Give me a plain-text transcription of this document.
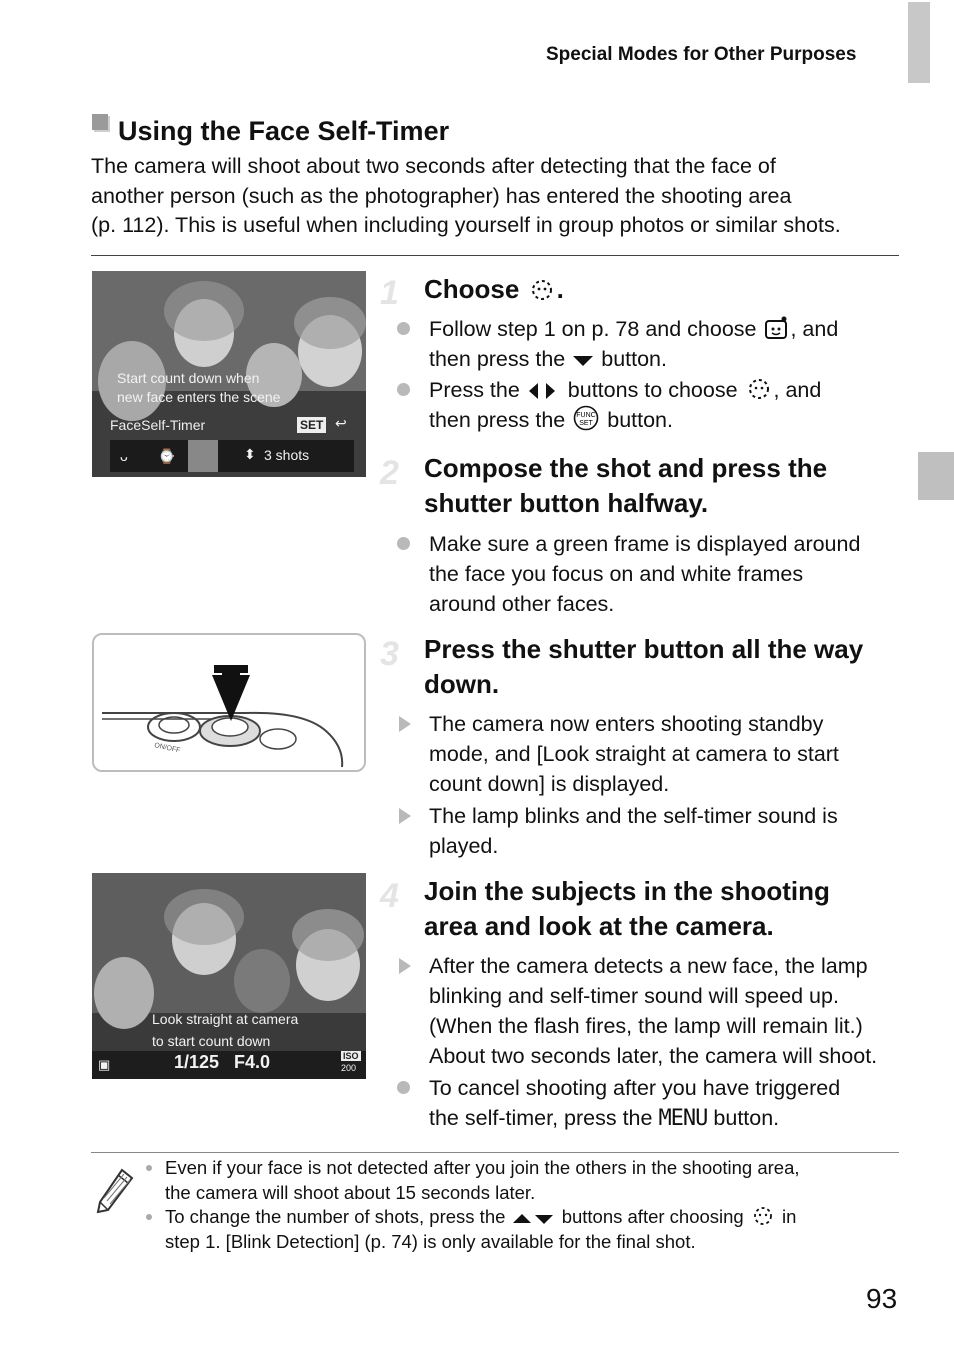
Special Modes for Other Purposes
Using the Face Self-Timer
The camera will shoot about two seconds after detecting that the face of
another person (such as the photographer) has entered the shooting area
(p. 112). This is useful when including yourself in group photos or similar shots.
Start count down when
new face enters the scene
FaceSelf-Timer	SET ↩
ᴗ ⌚	⬍ 3 shots
1 Choose .
Follow step 1 on p. 78 and choose , and
then press the button.
Press the buttons to choose , and
then press the FUNC
SET button.
2 Compose the shot and press the
shutter button halfway.
Make sure a green frame is displayed around
the face you focus on and white frames
around other faces.
ON/OFF
3 Press the shutter button all the way
down.
The camera now enters shooting standby
mode, and [Look straight at camera to start
count down] is displayed.
The lamp blinks and the self-timer sound is
played.
Look straight at camera
to start count down
▣	1/125   F4.0	ISO
200
4 Join the subjects in the shooting
area and look at the camera.
After the camera detects a new face, the lamp
blinking and self-timer sound will speed up.
(When the flash fires, the lamp will remain lit.)
About two seconds later, the camera will shoot.
To cancel shooting after you have triggered
the self-timer, press the MENU button.
Even if your face is not detected after you join the others in the shooting area,
the camera will shoot about 15 seconds later.
To change the number of shots, press the	buttons after choosing in
step 1. [Blink Detection] (p. 74) is only available for the final shot.
93
